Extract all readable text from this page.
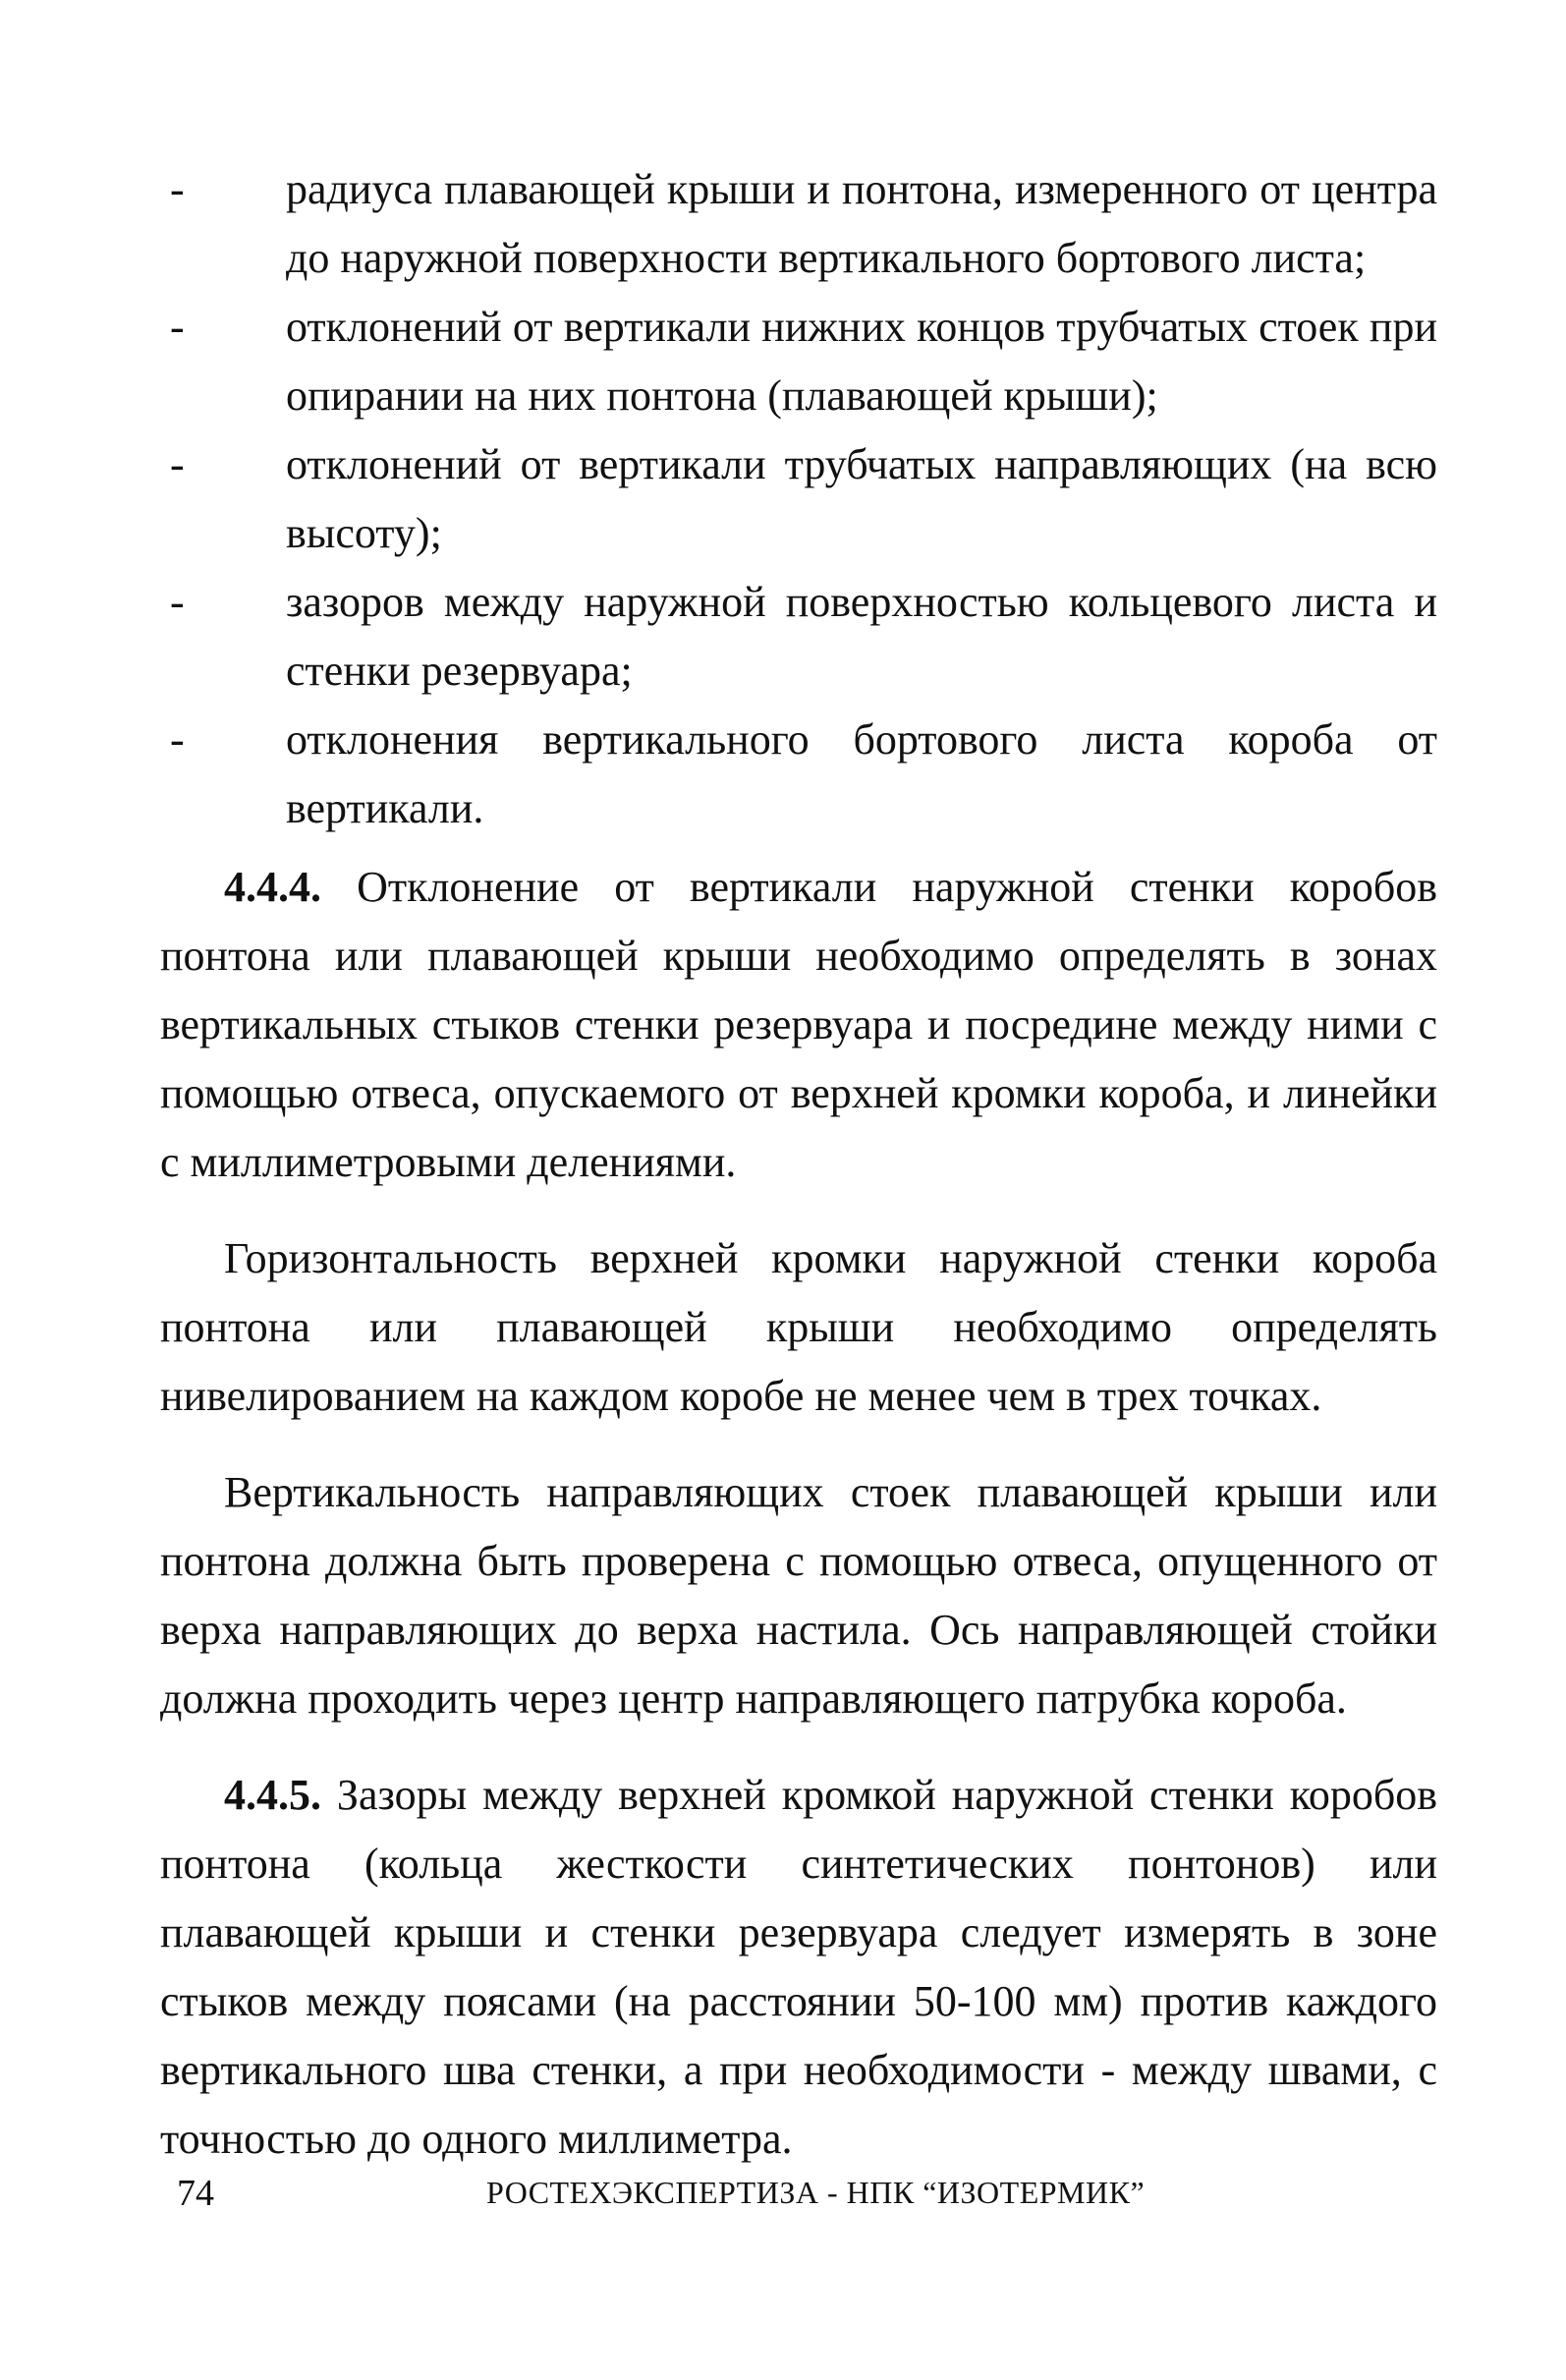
- радиуса плавающей крыши и понтона, измеренного от центра до наружной поверхности вертикального бортового листа;
- отклонений от вертикали нижних концов трубчатых стоек при опирании на них понтона (плавающей крыши);
- отклонений от вертикали трубчатых направляющих (на всю высоту);
- зазоров между наружной поверхностью кольцевого листа и стенки резервуара;
- отклонения вертикального бортового листа короба от вертикали.

4.4.4. Отклонение от вертикали наружной стенки коробов понтона или плавающей крыши необходимо определять в зонах вертикальных стыков стенки резервуара и посредине между ними с помощью отвеса, опускаемого от верхней кромки короба, и линейки с миллиметровыми делениями.

Горизонтальность верхней кромки наружной стенки короба понтона или плавающей крыши необходимо определять нивелированием на каждом коробе не менее чем в трех точках.

Вертикальность направляющих стоек плавающей крыши или понтона должна быть проверена с помощью отвеса, опущенного от верха направляющих до верха настила. Ось направляющей стойки должна проходить через центр направляющего патрубка короба.

4.4.5. Зазоры между верхней кромкой наружной стенки коробов понтона (кольца жесткости синтетических понтонов) или плавающей крыши и стенки резервуара следует измерять в зоне стыков между поясами (на расстоянии 50-100 мм) против каждого вертикального шва стенки, а при необходимости - между швами, с точностью до одного миллиметра.

74	РОСТЕХЭКСПЕРТИЗА - НПК “ИЗОТЕРМИК”
